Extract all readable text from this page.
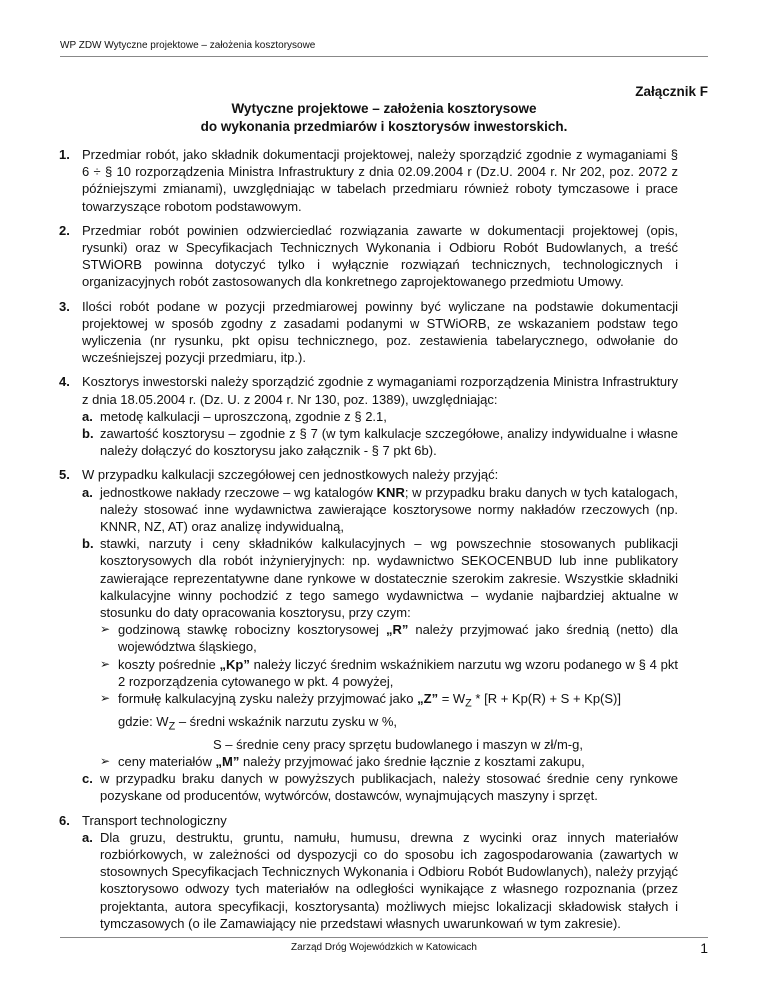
WP ZDW Wytyczne projektowe – założenia kosztorysowe
Załącznik F
Wytyczne projektowe – założenia kosztorysowe
do wykonania przedmiarów i kosztorysów inwestorskich.
1. Przedmiar robót, jako składnik dokumentacji projektowej, należy sporządzić zgodnie z wymaganiami § 6 ÷ § 10 rozporządzenia Ministra Infrastruktury z dnia 02.09.2004 r (Dz.U. 2004 r. Nr 202, poz. 2072 z późniejszymi zmianami), uwzględniając w tabelach przedmiaru również roboty tymczasowe i prace towarzyszące robotom podstawowym.
2. Przedmiar robót powinien odzwierciedlać rozwiązania zawarte w dokumentacji projektowej (opis, rysunki) oraz w Specyfikacjach Technicznych Wykonania i Odbioru Robót Budowlanych, a treść STWiORB powinna dotyczyć tylko i wyłącznie rozwiązań technicznych, technologicznych i organizacyjnych robót zastosowanych dla konkretnego zaprojektowanego przedmiotu Umowy.
3. Ilości robót podane w pozycji przedmiarowej powinny być wyliczane na podstawie dokumentacji projektowej w sposób zgodny z zasadami podanymi w STWiORB, ze wskazaniem podstaw tego wyliczenia (nr rysunku, pkt opisu technicznego, poz. zestawienia tabelarycznego, odwołanie do wcześniejszej pozycji przedmiaru, itp.).
4. Kosztorys inwestorski należy sporządzić zgodnie z wymaganiami rozporządzenia Ministra Infrastruktury z dnia 18.05.2004 r. (Dz. U. z 2004 r. Nr 130, poz. 1389), uwzględniając:
a. metodę kalkulacji – uproszczoną, zgodnie z § 2.1,
b. zawartość kosztorysu – zgodnie z § 7 (w tym kalkulacje szczegółowe, analizy indywidualne i własne należy dołączyć do kosztorysu jako załącznik - § 7 pkt 6b).
5. W przypadku kalkulacji szczegółowej cen jednostkowych należy przyjąć:
a. jednostkowe nakłady rzeczowe – wg katalogów KNR; w przypadku braku danych w tych katalogach, należy stosować inne wydawnictwa zawierające kosztorysowe normy nakładów rzeczowych (np. KNNR, NZ, AT) oraz analizę indywidualną,
b. stawki, narzuty i ceny składników kalkulacyjnych – wg powszechnie stosowanych publikacji kosztorysowych dla robót inżynieryjnych: np. wydawnictwo SEKOCENBUD lub inne publikatory zawierające reprezentatywne dane rynkowe w dostatecznie szerokim zakresie. Wszystkie składniki kalkulacyjne winny pochodzić z tego samego wydawnictwa – wydanie najbardziej aktualne w stosunku do daty opracowania kosztorysu, przy czym:
➢ godzinową stawkę robocizny kosztorysowej „R” należy przyjmować jako średnią (netto) dla województwa śląskiego,
➢ koszty pośrednie „Kp” należy liczyć średnim wskaźnikiem narzutu wg wzoru podanego w § 4 pkt 2 rozporządzenia cytowanego w pkt. 4 powyżej,
➢ formułę kalkulacyjną zysku należy przyjmować jako „Z” = $W_Z * [R + Kp(R) + S + Kp(S)]$
gdzie: $W_Z$ – średni wskaźnik narzutu zysku w %,
S – średnie ceny pracy sprzętu budowlanego i maszyn w zł/m-g,
➢ ceny materiałów „M” należy przyjmować jako średnie łącznie z kosztami zakupu,
c. w przypadku braku danych w powyższych publikacjach, należy stosować średnie ceny rynkowe pozyskane od producentów, wytwórców, dostawców, wynajmujących maszyny i sprzęt.
6. Transport technologiczny
a. Dla gruzu, destruktu, gruntu, namułu, humusu, drewna z wycinki oraz innych materiałów rozbiórkowych, w zależności od dyspozycji co do sposobu ich zagospodarowania (zawartych w stosownych Specyfikacjach Technicznych Wykonania i Odbioru Robót Budowlanych), należy przyjąć kosztorysowo odwozy tych materiałów na odległości wynikające z własnego rozpoznania (przez projektanta, autora specyfikacji, kosztorysanta) możliwych miejsc lokalizacji składowisk stałych i tymczasowych (o ile Zamawiający nie przedstawi własnych uwarunkowań w tym zakresie).
Zarząd Dróg Wojewódzkich w Katowicach	1
